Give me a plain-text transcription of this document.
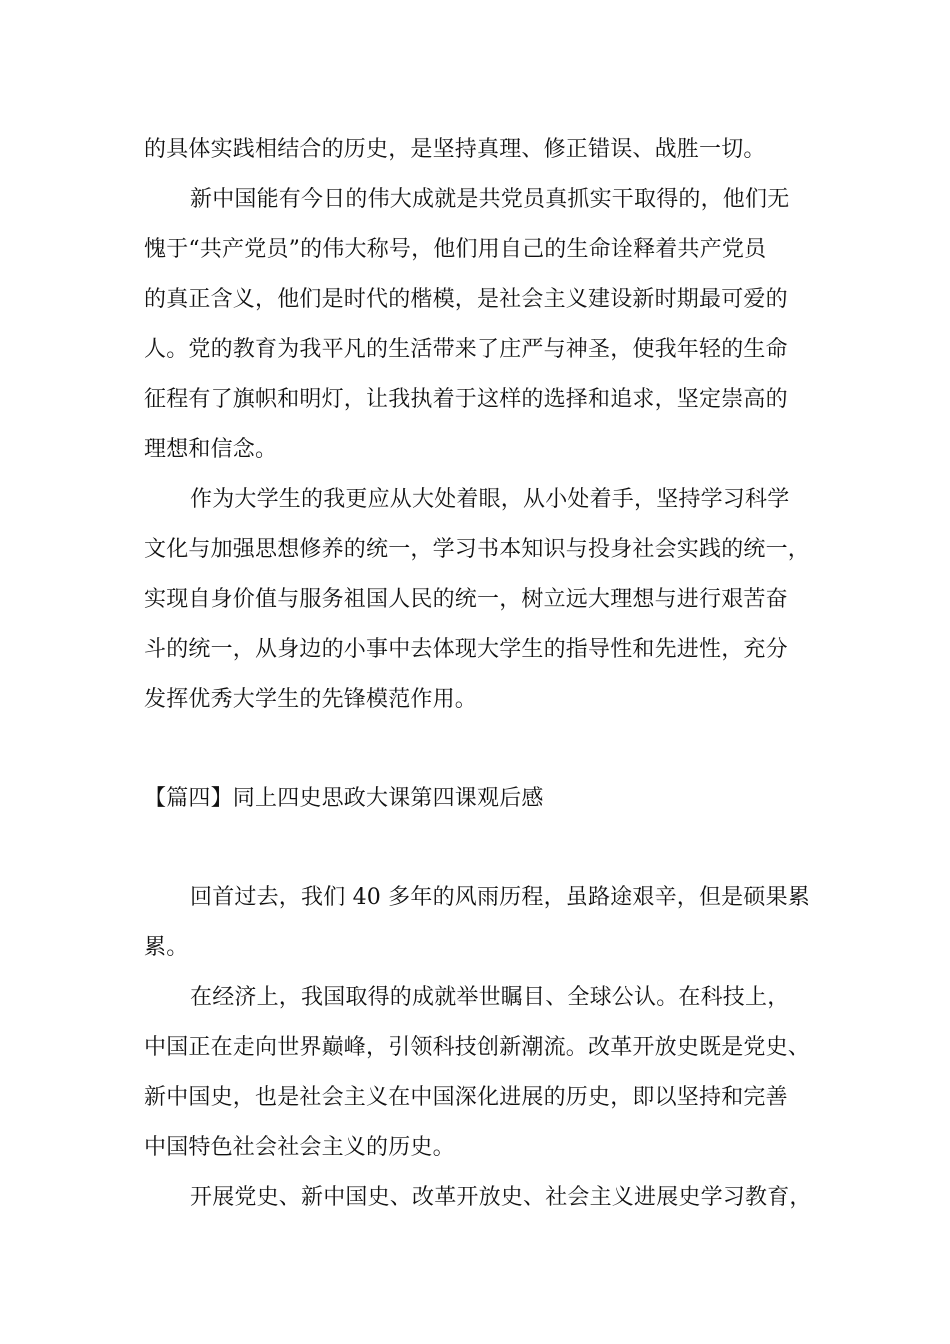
的具体实践相结合的历史，是坚持真理、修正错误、战胜一切。
新中国能有今日的伟大成就是共党员真抓实干取得的，他们无
愧于“共产党员”的伟大称号，他们用自己的生命诠释着共产党员
的真正含义，他们是时代的楷模，是社会主义建设新时期最可爱的
人。党的教育为我平凡的生活带来了庄严与神圣，使我年轻的生命
征程有了旗帜和明灯，让我执着于这样的选择和追求，坚定崇高的
理想和信念。
作为大学生的我更应从大处着眼，从小处着手，坚持学习科学
文化与加强思想修养的统一，学习书本知识与投身社会实践的统一，
实现自身价值与服务祖国人民的统一，树立远大理想与进行艰苦奋
斗的统一，从身边的小事中去体现大学生的指导性和先进性，充分
发挥优秀大学生的先锋模范作用。
【篇四】同上四史思政大课第四课观后感
回首过去，我们 40 多年的风雨历程，虽路途艰辛，但是硕果累
累。
在经济上，我国取得的成就举世瞩目、全球公认。在科技上，
中国正在走向世界巅峰，引领科技创新潮流。改革开放史既是党史、
新中国史，也是社会主义在中国深化进展的历史，即以坚持和完善
中国特色社会社会主义的历史。
开展党史、新中国史、改革开放史、社会主义进展史学习教育，
